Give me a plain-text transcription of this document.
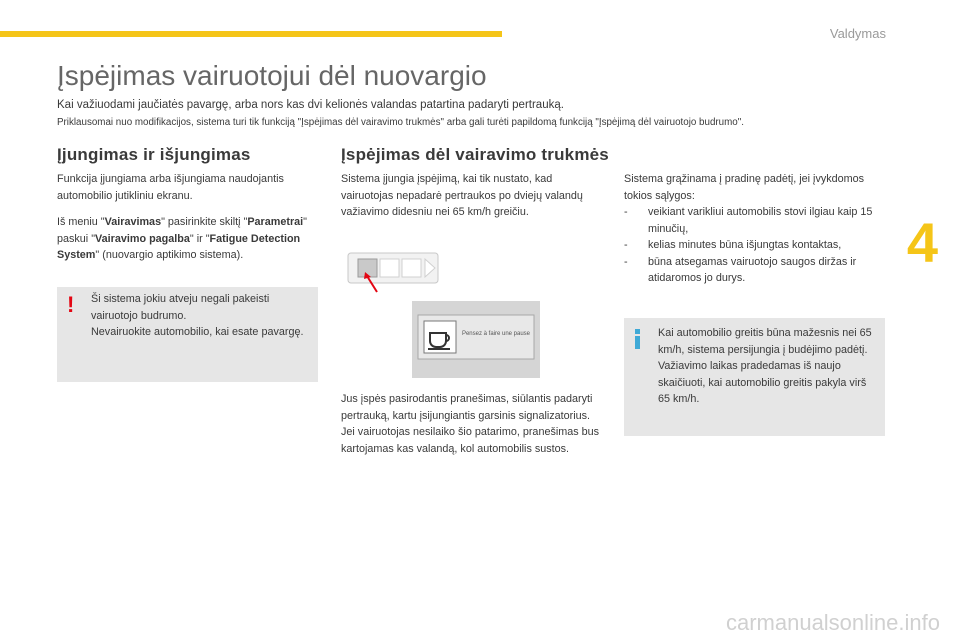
Valdymas
4
Įspėjimas vairuotojui dėl nuovargio
Kai važiuodami jaučiatės pavargę, arba nors kas dvi kelionės valandas patartina padaryti pertrauką.
Priklausomai nuo modifikacijos, sistema turi tik funkciją "Įspėjimas dėl vairavimo trukmės" arba gali turėti papildomą funkciją "Įspėjimą dėl vairuotojo budrumo".
Įjungimas ir išjungimas

Funkcija įjungiama arba išjungiama naudojantis automobilio jutikliniu ekranu.

Iš meniu "Vairavimas" pasirinkite skiltį "Parametrai" paskui "Vairavimo pagalba" ir "Fatigue Detection System" (nuovargio aptikimo sistema).

! Ši sistema jokiu atveju negali pakeisti vairuotojo budrumo.

Nevairuokite automobilio, kai esate pavargę.

Įspėjimas dėl vairavimo trukmės

Sistema įjungia įspėjimą, kai tik nustato, kad vairuotojas nepadarė pertraukos po dviejų valandų važiavimo didesniu nei 65 km/h greičiu.

Pensez à faire une pause

Jus įspės pasirodantis pranešimas, siūlantis padaryti pertrauką, kartu įsijungiantis garsinis signalizatorius.

Jei vairuotojas nesilaiko šio patarimo, pranešimas bus kartojamas kas valandą, kol automobilis sustos.

Sistema grąžinama į pradinę padėtį, jei įvykdomos tokios sąlygos:

-	veikiant varikliui automobilis stovi ilgiau kaip 15 minučių,

-	kelias minutes būna išjungtas kontaktas,

-	būna atsegamas vairuotojo saugos diržas ir atidaromos jo durys.

Kai automobilio greitis būna mažesnis nei 65 km/h, sistema persijungia į budėjimo padėtį.

Važiavimo laikas pradedamas iš naujo skaičiuoti, kai automobilio greitis pakyla virš 65 km/h.

carmanualsonline.info
